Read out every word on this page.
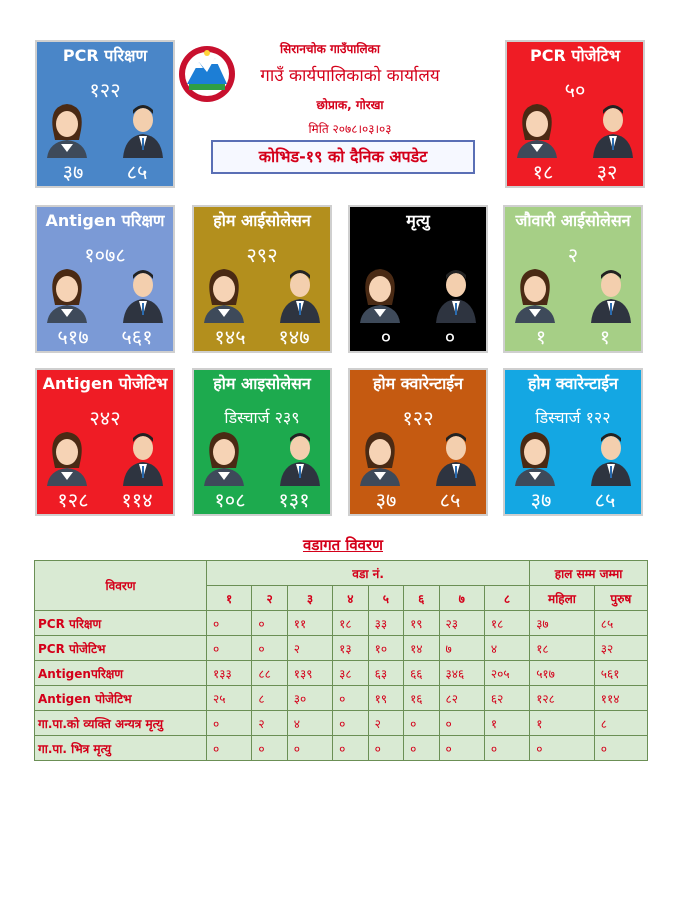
PCR परिक्षण
१२२
३७	८५
सिरानचोक गाउँपालिका
गाउँ कार्यपालिकाको कार्यालय
छोप्राक, गोरखा
मिति २०७८।०३।०३
कोभिड-१९ को दैनिक अपडेट
PCR पोजेटिभ
५०
१८	३२
Antigen परिक्षण
१०७८
५१७	५६१
होम आईसोलेसन
२९२
१४५	१४७
मृत्यु
०	०
जौवारी आईसोलेसन
२
१	१
Antigen पोजेटिभ
२४२
१२८	११४
होम आइसोलेसन
डिस्चार्ज २३९
१०८	१३१
होम क्वारेन्टाईन
१२२
३७	८५
होम क्वारेन्टाईन
डिस्चार्ज १२२
३७	८५
वडागत विवरण
विवरण	वडा नं.								हाल सम्म जम्मा	
	१	२	३	४	५	६	७	८	महिला	पुरुष
PCR परिक्षण	०	०	११	१८	३३	१९	२३	१८	३७	८५
PCR पोजेटिभ	०	०	२	१३	१०	१४	७	४	१८	३२
Antigenपरिक्षण	१३३	८८	१३९	३८	६३	६६	३४६	२०५	५१७	५६१
Antigen पोजेटिभ	२५	८	३०	०	१९	१६	८२	६२	१२८	११४
गा.पा.को व्यक्ति अन्यत्र मृत्यु	०	२	४	०	२	०	०	१	१	८
गा.पा. भित्र मृत्यु	०	०	०	०	०	०	०	०	०	०
